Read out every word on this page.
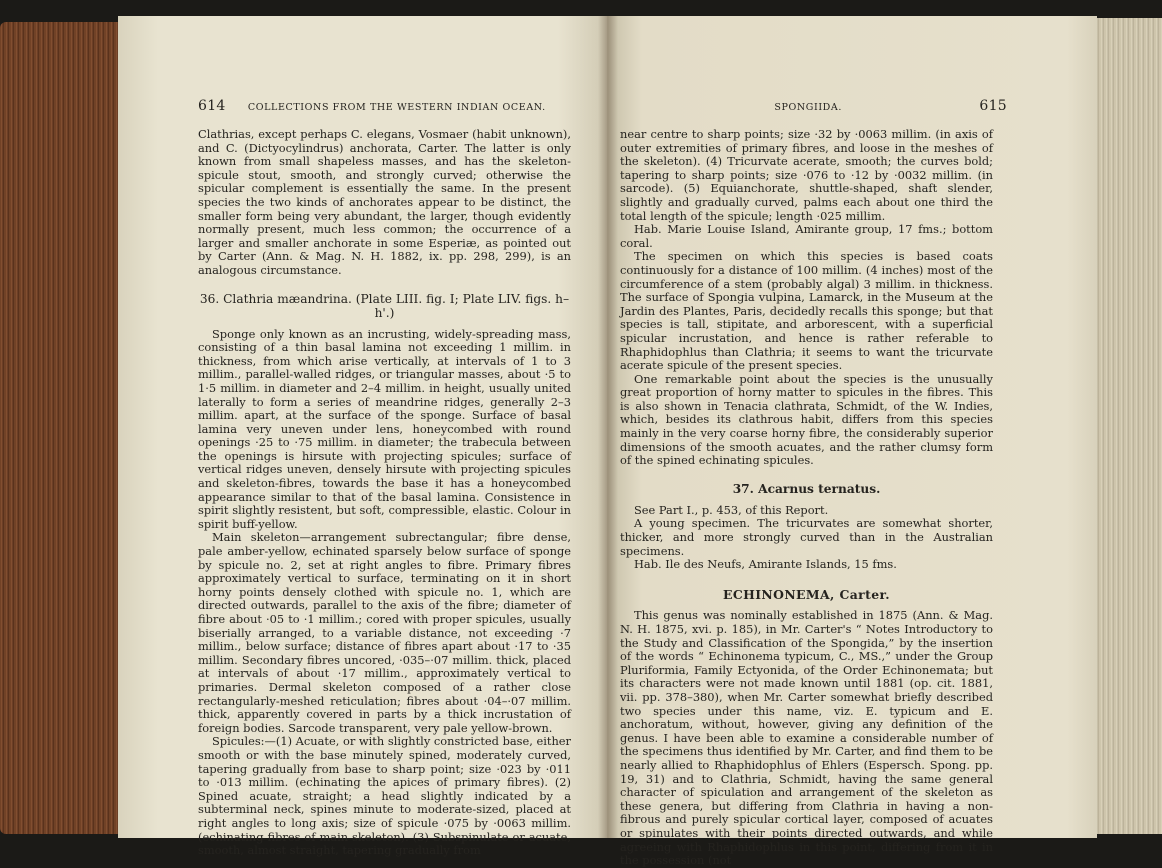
614 COLLECTIONS FROM THE WESTERN INDIAN OCEAN.

Clathrias, except perhaps C. elegans, Vosmaer (habit unknown), and C. (Dictyocylindrus) anchorata, Carter. The latter is only known from small shapeless masses, and has the skeleton-spicule stout, smooth, and strongly curved; otherwise the spicular complement is essentially the same. In the present species the two kinds of anchorates appear to be distinct, the smaller form being very abundant, the larger, though evidently normally present, much less common; the occurrence of a larger and smaller anchorate in some Esperiæ, as pointed out by Carter (Ann. & Mag. N. H. 1882, ix. pp. 298, 299), is an analogous circumstance.

36. Clathria mæandrina. (Plate LIII. fig. I; Plate LIV. figs. h–h'.)

Sponge only known as an incrusting, widely-spreading mass, consisting of a thin basal lamina not exceeding 1 millim. in thickness, from which arise vertically, at intervals of 1 to 3 millim., parallel-walled ridges, or triangular masses, about ·5 to 1·5 millim. in diameter and 2–4 millim. in height, usually united laterally to form a series of meandrine ridges, generally 2–3 millim. apart, at the surface of the sponge. Surface of basal lamina very uneven under lens, honeycombed with round openings ·25 to ·75 millim. in diameter; the trabecula between the openings is hirsute with projecting spicules; surface of vertical ridges uneven, densely hirsute with projecting spicules and skeleton-fibres, towards the base it has a honeycombed appearance similar to that of the basal lamina. Consistence in spirit slightly resistent, but soft, compressible, elastic. Colour in spirit buff-yellow.

Main skeleton—arrangement subrectangular; fibre dense, pale amber-yellow, echinated sparsely below surface of sponge by spicule no. 2, set at right angles to fibre. Primary fibres approximately vertical to surface, terminating on it in short horny points densely clothed with spicule no. 1, which are directed outwards, parallel to the axis of the fibre; diameter of fibre about ·05 to ·1 millim.; cored with proper spicules, usually biserially arranged, to a variable distance, not exceeding ·7 millim., below surface; distance of fibres apart about ·17 to ·35 millim. Secondary fibres uncored, ·035–·07 millim. thick, placed at intervals of about ·17 millim., approximately vertical to primaries. Dermal skeleton composed of a rather close rectangularly-meshed reticulation; fibres about ·04–·07 millim. thick, apparently covered in parts by a thick incrustation of foreign bodies. Sarcode transparent, very pale yellow-brown.

Spicules:—(1) Acuate, or with slightly constricted base, either smooth or with the base minutely spined, moderately curved, tapering gradually from base to sharp point; size ·023 by ·011 to ·013 millim. (echinating the apices of primary fibres). (2) Spined acuate, straight; a head slightly indicated by a subterminal neck, spines minute to moderate-sized, placed at right angles to long axis; size of spicule ·075 by ·0063 millim. (echinating fibres of main skeleton). (3) Subspinulate or acuate, smooth, almost straight, tapering gradually from

SPONGIIDA.	615

near centre to sharp points; size ·32 by ·0063 millim. (in axis of outer extremities of primary fibres, and loose in the meshes of the skeleton). (4) Tricurvate acerate, smooth; the curves bold; tapering to sharp points; size ·076 to ·12 by ·0032 millim. (in sarcode). (5) Equianchorate, shuttle-shaped, shaft slender, slightly and gradually curved, palms each about one third the total length of the spicule; length ·025 millim.

Hab. Marie Louise Island, Amirante group, 17 fms.; bottom coral.

The specimen on which this species is based coats continuously for a distance of 100 millim. (4 inches) most of the circumference of a stem (probably algal) 3 millim. in thickness. The surface of Spongia vulpina, Lamarck, in the Museum at the Jardin des Plantes, Paris, decidedly recalls this sponge; but that species is tall, stipitate, and arborescent, with a superficial spicular incrustation, and hence is rather referable to Rhaphidophlus than Clathria; it seems to want the tricurvate acerate spicule of the present species.

One remarkable point about the species is the unusually great proportion of horny matter to spicules in the fibres. This is also shown in Tenacia clathrata, Schmidt, of the W. Indies, which, besides its clathrous habit, differs from this species mainly in the very coarse horny fibre, the considerably superior dimensions of the smooth acuates, and the rather clumsy form of the spined echinating spicules.

37. Acarnus ternatus.

See Part I., p. 453, of this Report.

A young specimen. The tricurvates are somewhat shorter, thicker, and more strongly curved than in the Australian specimens.

Hab. Ile des Neufs, Amirante Islands, 15 fms.

ECHINONEMA, Carter.

This genus was nominally established in 1875 (Ann. & Mag. N. H. 1875, xvi. p. 185), in Mr. Carter's “ Notes Introductory to the Study and Classification of the Spongida,” by the insertion of the words “ Echinonema typicum, C., MS.,” under the Group Pluriformia, Family Ectyonida, of the Order Echinonemata; but its characters were not made known until 1881 (op. cit. 1881, vii. pp. 378–380), when Mr. Carter somewhat briefly described two species under this name, viz. E. typicum and E. anchoratum, without, however, giving any definition of the genus. I have been able to examine a considerable number of the specimens thus identified by Mr. Carter, and find them to be nearly allied to Rhaphidophlus of Ehlers (Espersch. Spong. pp. 19, 31) and to Clathria, Schmidt, having the same general character of spiculation and arrangement of the skeleton as these genera, but differing from Clathria in having a non-fibrous and purely spicular cortical layer, composed of acuates or spinulates with their points directed outwards, and while agreeing with Rhaphidophlus in this point, differing from it in the possession (not
